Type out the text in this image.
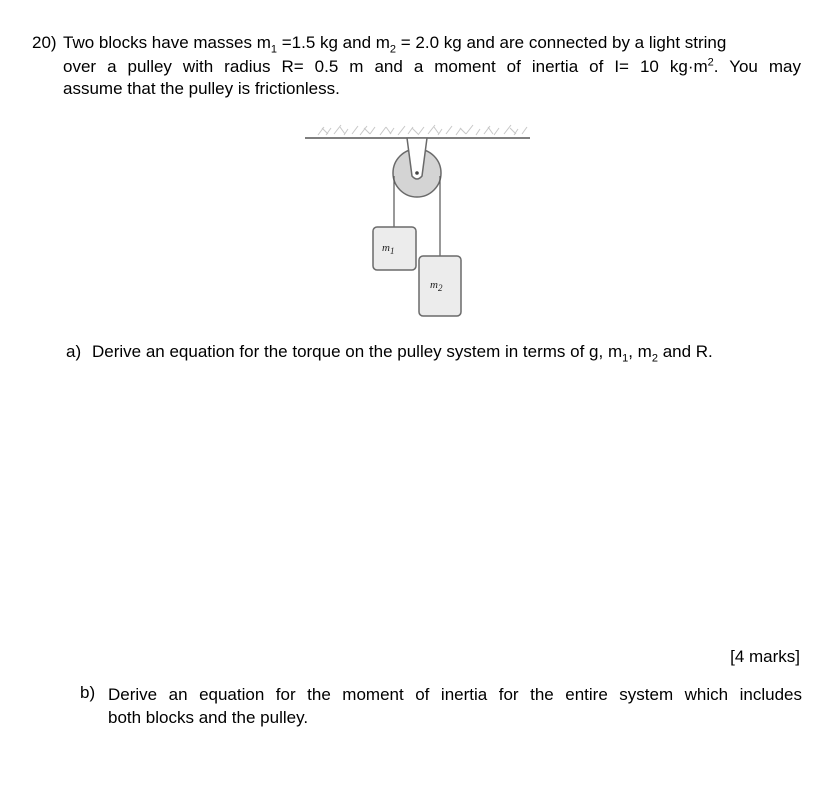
20) Two blocks have masses $m_1 =1.5$ kg and $m_2 = 2.0$ kg and are connected by a light string
over a pulley with radius R= 0.5 m and a moment of inertia of I= 10 $kg\cdot m^2$. You may
assume that the pulley is frictionless.
$m_1$
$m_2$
a) Derive an equation for the torque on the pulley system in terms of g, $m_1$, $m_2$ and R.
[4 marks]
b) Derive an equation for the moment of inertia for the entire system which includes
both blocks and the pulley.
